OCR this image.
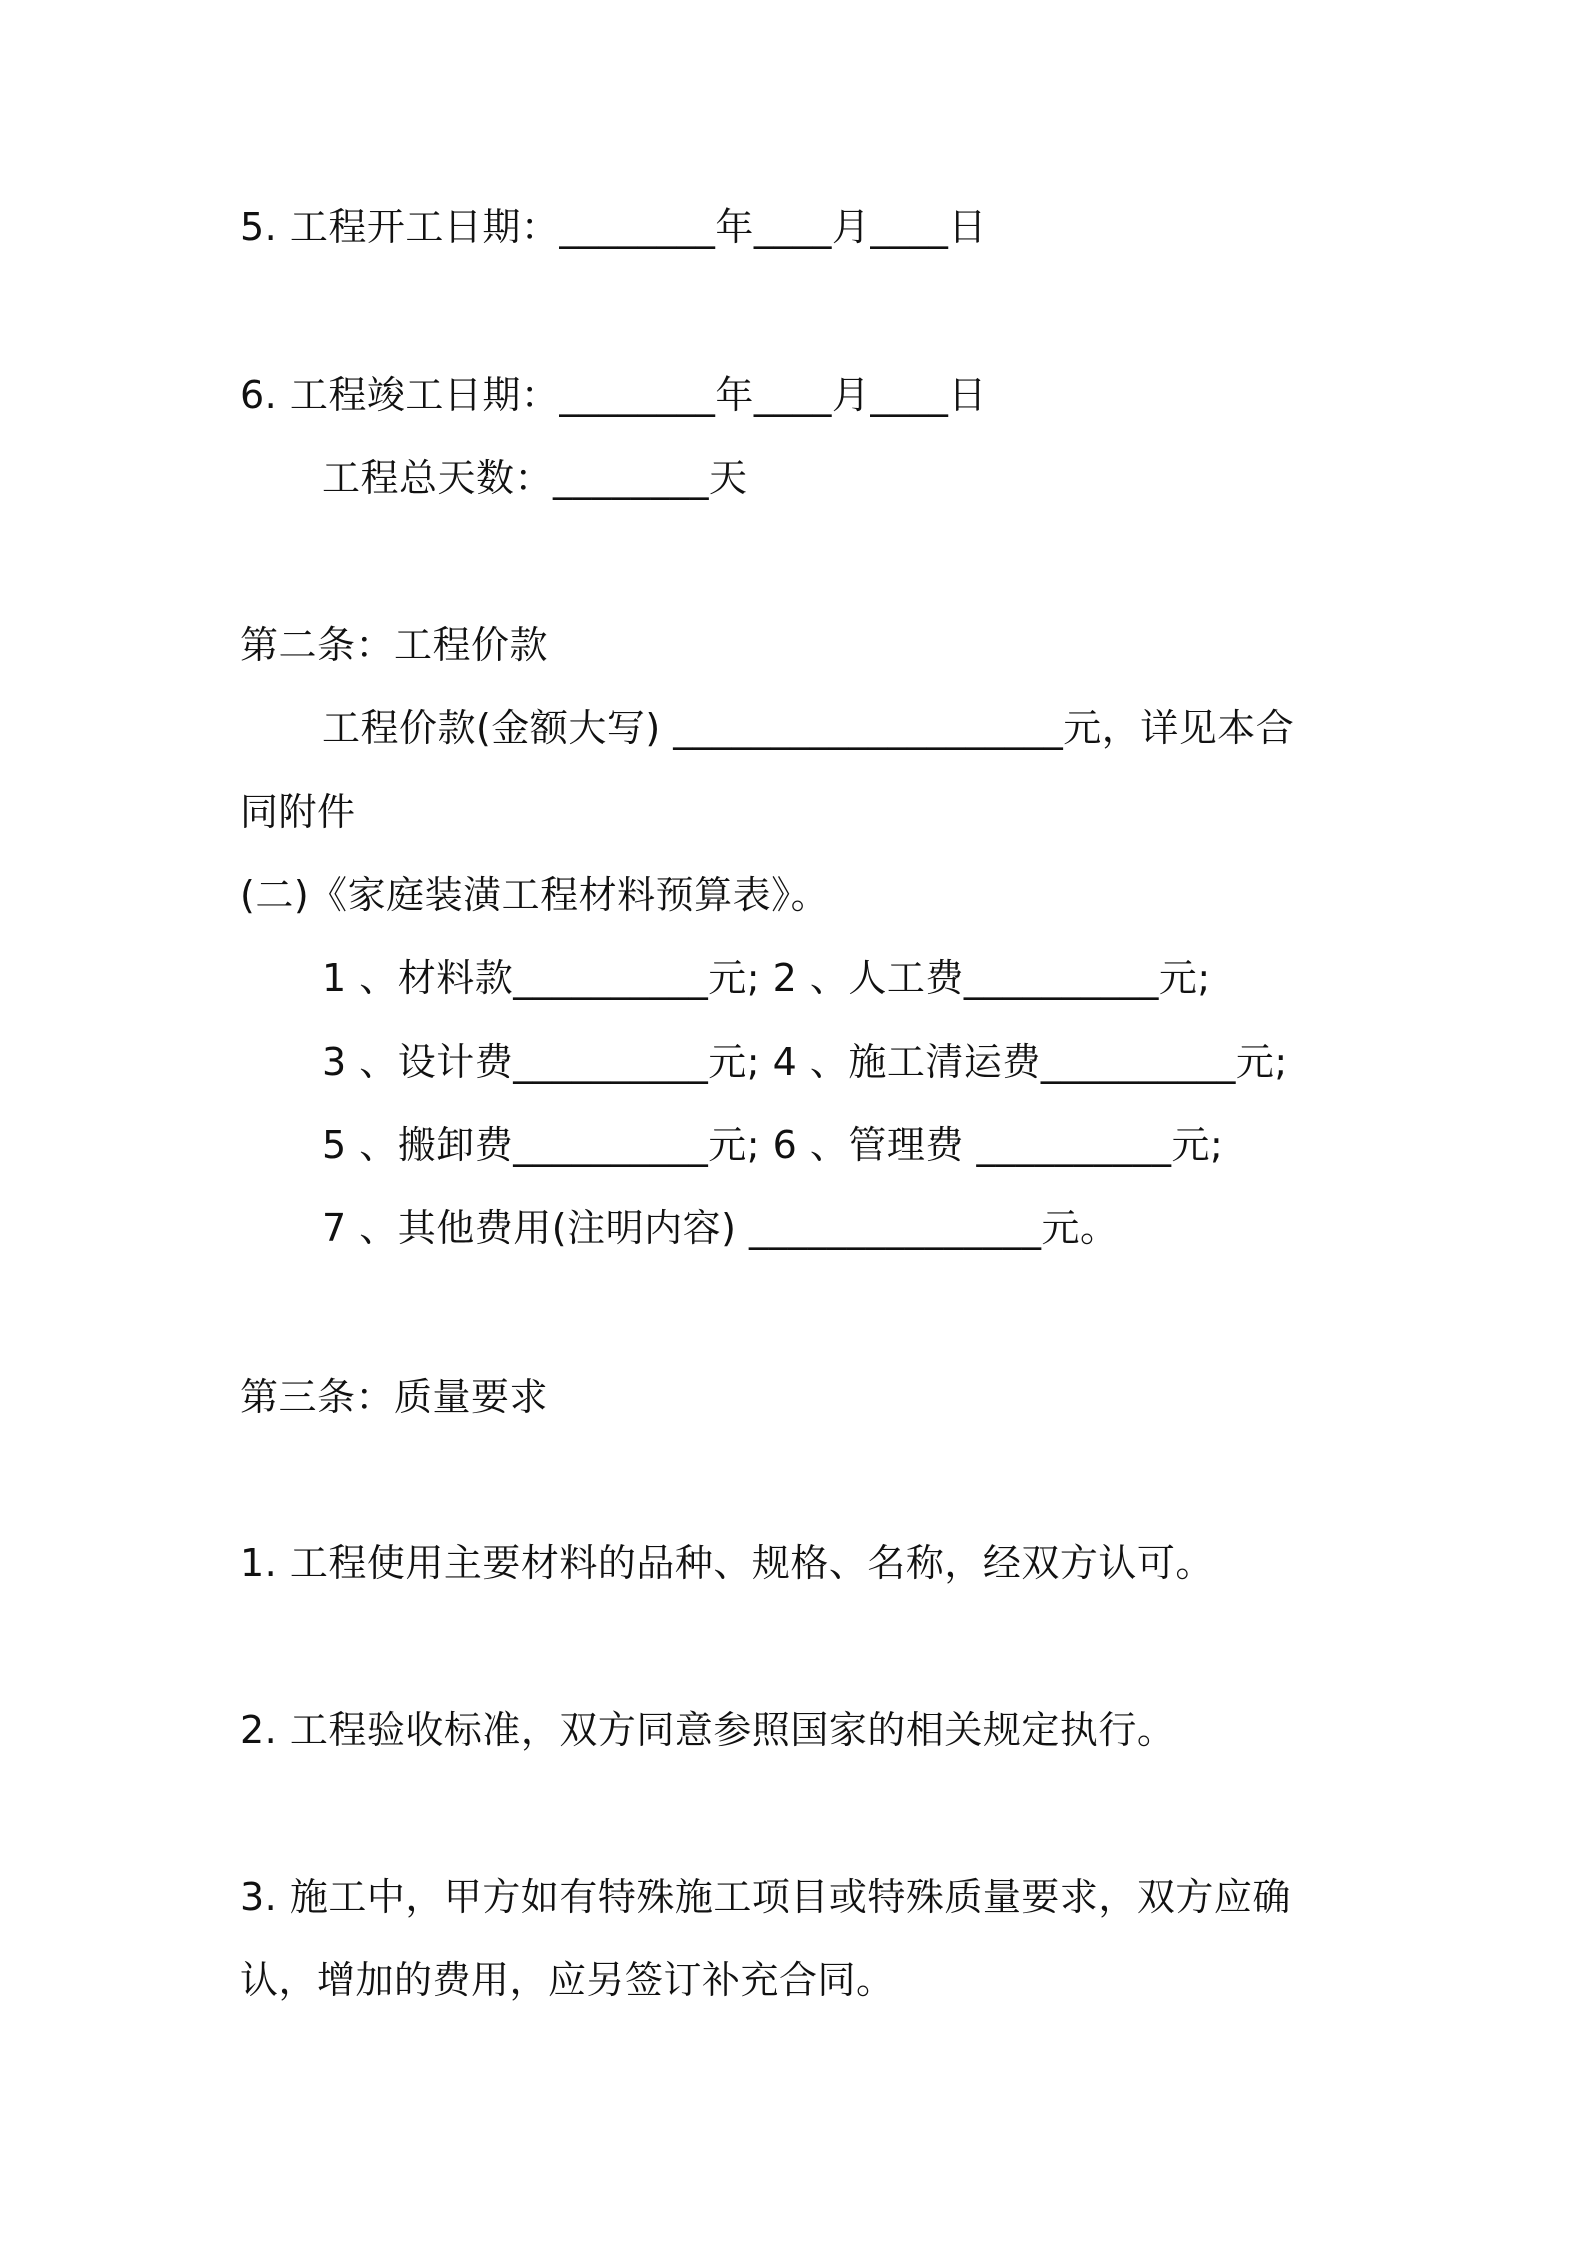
5. 工程开工日期：________年____月____日
6. 工程竣工日期：________年____月____日
工程总天数：________天
第二条：工程价款
工程价款(金额大写) ____________________元，详见本合
同附件
(二)《家庭装潢工程材料预算表》。
1 、材料款__________元; 2 、人工费__________元;
3 、设计费__________元; 4 、施工清运费__________元;
5 、搬卸费__________元; 6 、管理费 __________元;
7 、其他费用(注明内容) _______________元。
第三条：质量要求
1. 工程使用主要材料的品种、规格、名称，经双方认可。
2. 工程验收标准，双方同意参照国家的相关规定执行。
3. 施工中，甲方如有特殊施工项目或特殊质量要求，双方应确
认，增加的费用，应另签订补充合同。
